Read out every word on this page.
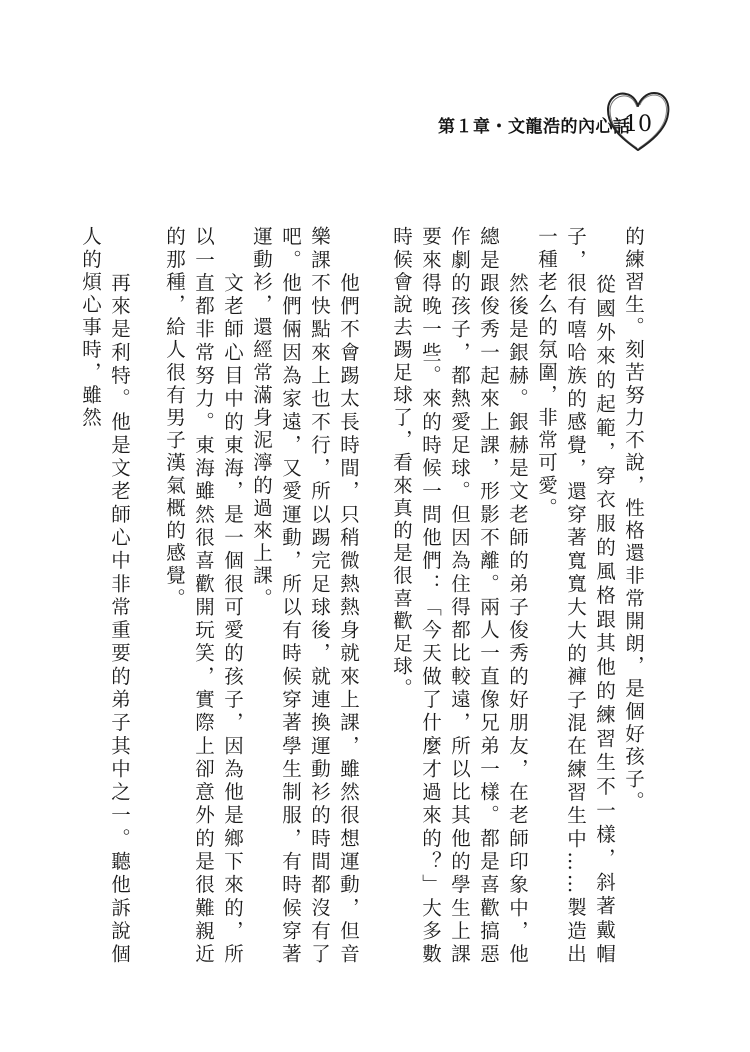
第１章・文龍浩的內心話
10

的練習生。刻苦努力不說，性格還非常開朗，是個好孩子。

　　從國外來的起範，穿衣服的風格跟其他的練習生不一樣，斜著戴帽子，很有嘻哈族的感覺，還穿著寬寬大大的褲子混在練習生中……製造出一種老么的氛圍，非常可愛。

　　然後是銀赫。銀赫是文老師的弟子俊秀的好朋友，在老師印象中，他總是跟俊秀一起來上課，形影不離。兩人一直像兄弟一樣。都是喜歡搞惡作劇的孩子，都熱愛足球。但因為住得都比較遠，所以比其他的學生上課要來得晚一些。來的時候一問他們：「今天做了什麼才過來的？」大多數時候會說去踢足球了，看來真的是很喜歡足球。

　　他們不會踢太長時間，只稍微熱熱身就來上課，雖然很想運動，但音樂課不快點來上也不行，所以踢完足球後，就連換運動衫的時間都沒有了吧。他們倆因為家遠，又愛運動，所以有時候穿著學生制服，有時候穿著運動衫，還經常滿身泥濘的過來上課。

　　文老師心目中的東海，是一個很可愛的孩子，因為他是鄉下來的，所以一直都非常努力。東海雖然很喜歡開玩笑，實際上卻意外的是很難親近的那種，給人很有男子漢氣概的感覺。

　　再來是利特。他是文老師心中非常重要的弟子其中之一。聽他訴說個人的煩心事時，雖然
